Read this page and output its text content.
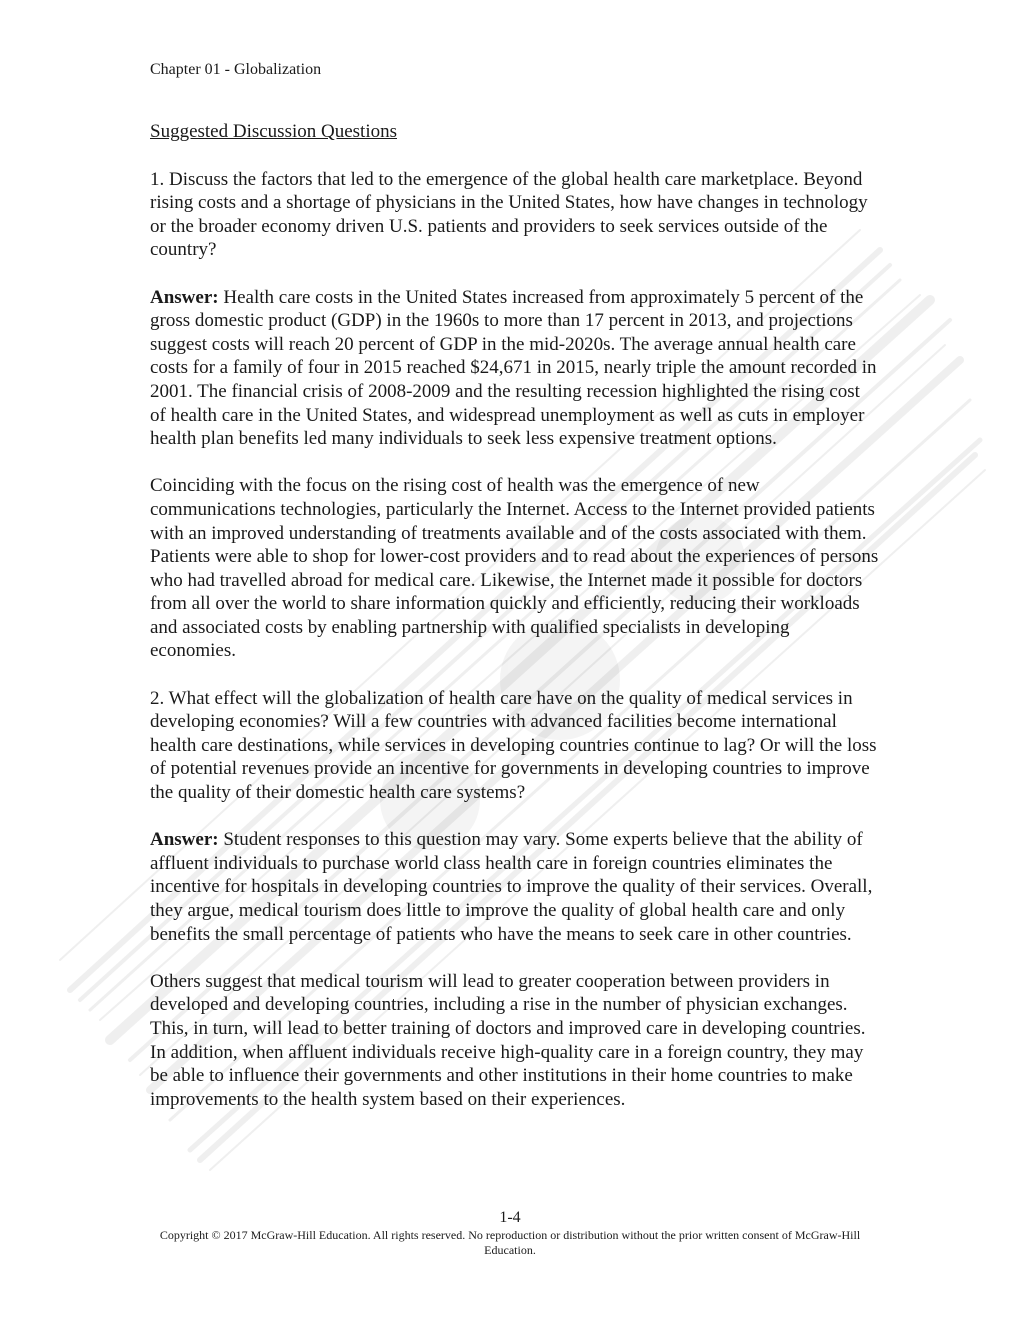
Chapter 01 - Globalization
Suggested Discussion Questions

1. Discuss the factors that led to the emergence of the global health care marketplace. Beyond rising costs and a shortage of physicians in the United States, how have changes in technology or the broader economy driven U.S. patients and providers to seek services outside of the country?

Answer: Health care costs in the United States increased from approximately 5 percent of the gross domestic product (GDP) in the 1960s to more than 17 percent in 2013, and projections suggest costs will reach 20 percent of GDP in the mid-2020s. The average annual health care costs for a family of four in 2015 reached $24,671 in 2015, nearly triple the amount recorded in 2001. The financial crisis of 2008-2009 and the resulting recession highlighted the rising cost of health care in the United States, and widespread unemployment as well as cuts in employer health plan benefits led many individuals to seek less expensive treatment options.

Coinciding with the focus on the rising cost of health was the emergence of new communications technologies, particularly the Internet. Access to the Internet provided patients with an improved understanding of treatments available and of the costs associated with them. Patients were able to shop for lower-cost providers and to read about the experiences of persons who had travelled abroad for medical care. Likewise, the Internet made it possible for doctors from all over the world to share information quickly and efficiently, reducing their workloads and associated costs by enabling partnership with qualified specialists in developing economies.

2. What effect will the globalization of health care have on the quality of medical services in developing economies? Will a few countries with advanced facilities become international health care destinations, while services in developing countries continue to lag? Or will the loss of potential revenues provide an incentive for governments in developing countries to improve the quality of their domestic health care systems?

Answer: Student responses to this question may vary. Some experts believe that the ability of affluent individuals to purchase world class health care in foreign countries eliminates the incentive for hospitals in developing countries to improve the quality of their services. Overall, they argue, medical tourism does little to improve the quality of global health care and only benefits the small percentage of patients who have the means to seek care in other countries.

Others suggest that medical tourism will lead to greater cooperation between providers in developed and developing countries, including a rise in the number of physician exchanges. This, in turn, will lead to better training of doctors and improved care in developing countries. In addition, when affluent individuals receive high-quality care in a foreign country, they may be able to influence their governments and other institutions in their home countries to make improvements to the health system based on their experiences.

1-4
Copyright © 2017 McGraw-Hill Education. All rights reserved. No reproduction or distribution without the prior written consent of McGraw-Hill Education.
